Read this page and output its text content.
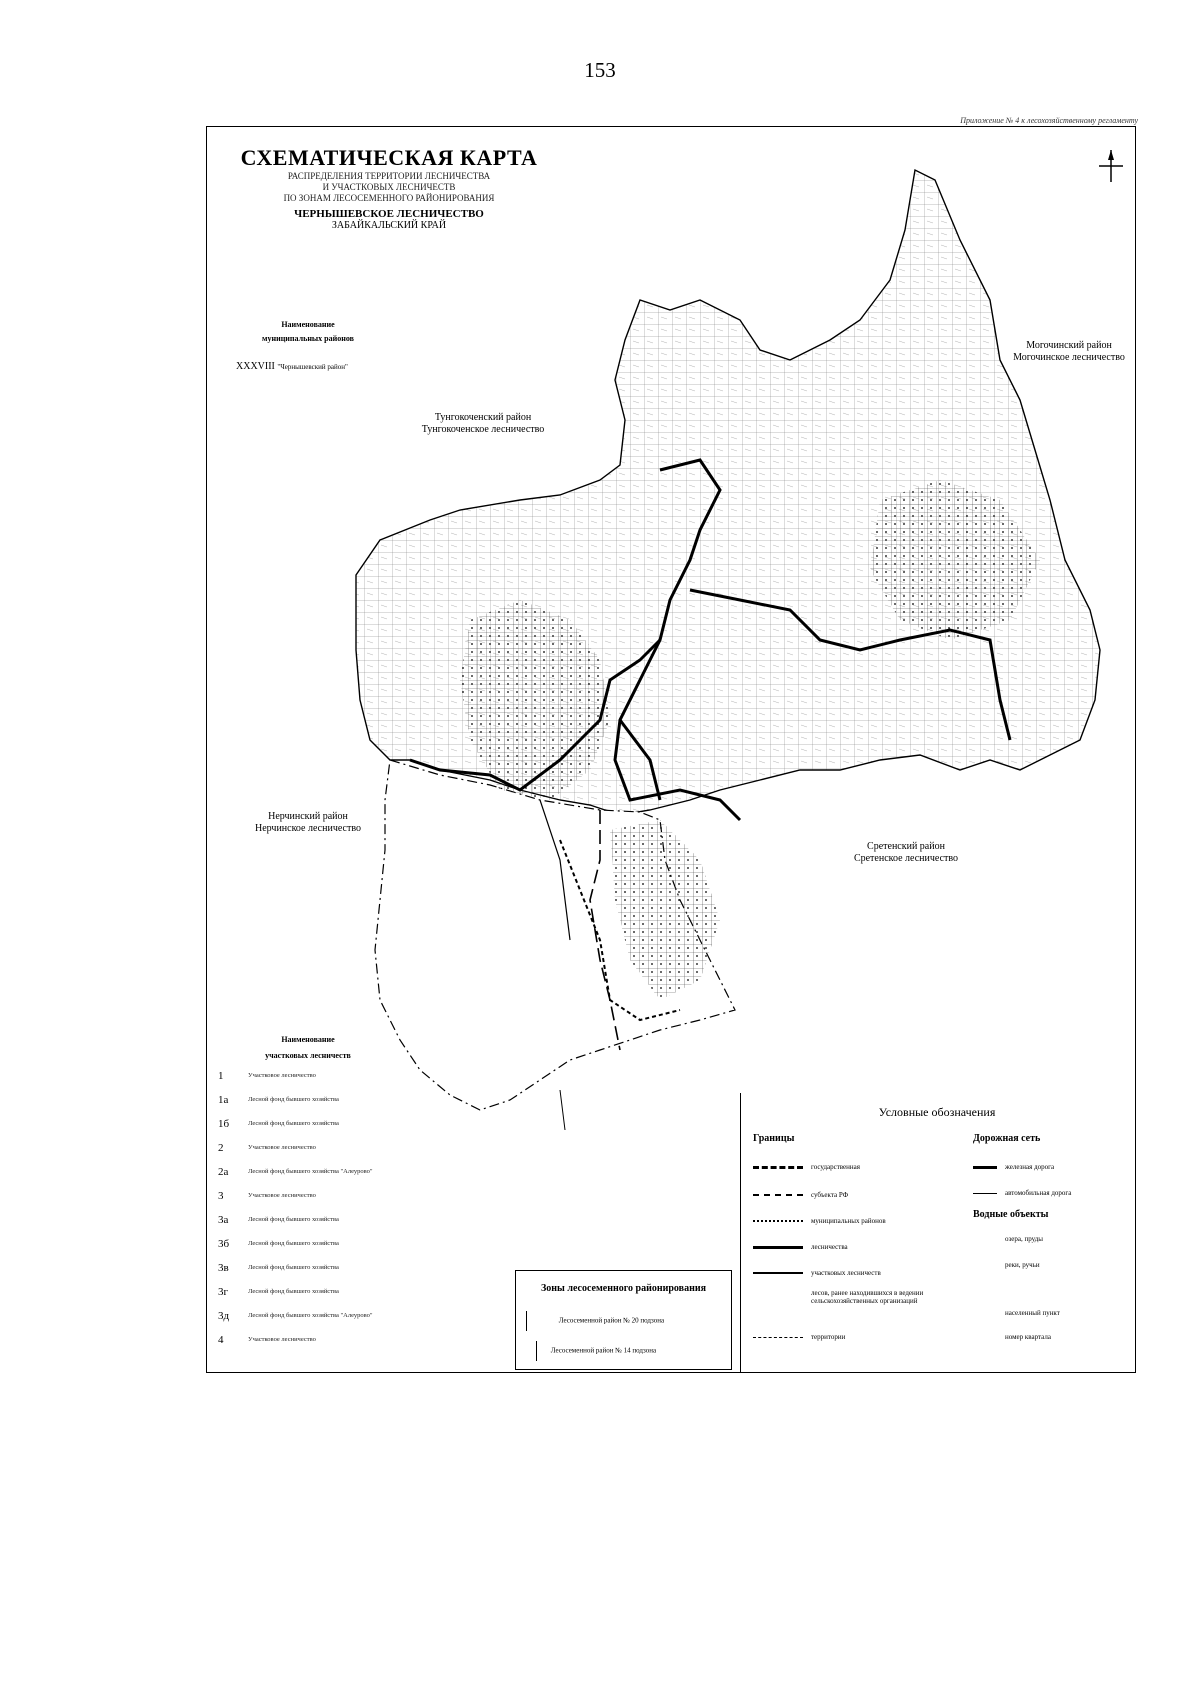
153
Приложение № 4 к лесохозяйственному регламенту
СХЕМАТИЧЕСКАЯ КАРТА
РАСПРЕДЕЛЕНИЯ ТЕРРИТОРИИ ЛЕСНИЧЕСТВА
И УЧАСТКОВЫХ ЛЕСНИЧЕСТВ
ПО ЗОНАМ ЛЕСОСЕМЕННОГО РАЙОНИРОВАНИЯ
ЧЕРНЫШЕВСКОЕ ЛЕСНИЧЕСТВО
ЗАБАЙКАЛЬСКИЙ КРАЙ
Наименование
муниципальных районов
XXXVIII "Чернышевский район"
Тунгокоченский район
Тунгокоченское лесничество
Могочинский район
Могочинское лесничество
Нерчинский район
Нерчинское лесничество
Сретенский район
Сретенское лесничество
Наименование
участковых лесничеств
1	Участковое лесничество
1а	Лесной фонд бывшего хозяйства
1б	Лесной фонд бывшего хозяйства
2	Участковое лесничество
2а	Лесной фонд бывшего хозяйства "Алеурово"
3	Участковое лесничество
3а	Лесной фонд бывшего хозяйства
3б	Лесной фонд бывшего хозяйства
3в	Лесной фонд бывшего хозяйства
3г	Лесной фонд бывшего хозяйства
3д	Лесной фонд бывшего хозяйства "Алеурово"
4	Участковое лесничество
Зоны лесосеменного районирования
Лесосеменной район № 20 подзона
Лесосеменной район № 14 подзона
Условные обозначения
Границы	Дорожная сеть
Водные объекты
государственная
субъекта РФ
муниципальных районов
лесничества
участковых лесничеств
лесов, ранее находившихся в ведении сельскохозяйственных организаций
территории
железная дорога
автомобильная дорога
озера, пруды
реки, ручьи
населенный пункт
номер квартала
